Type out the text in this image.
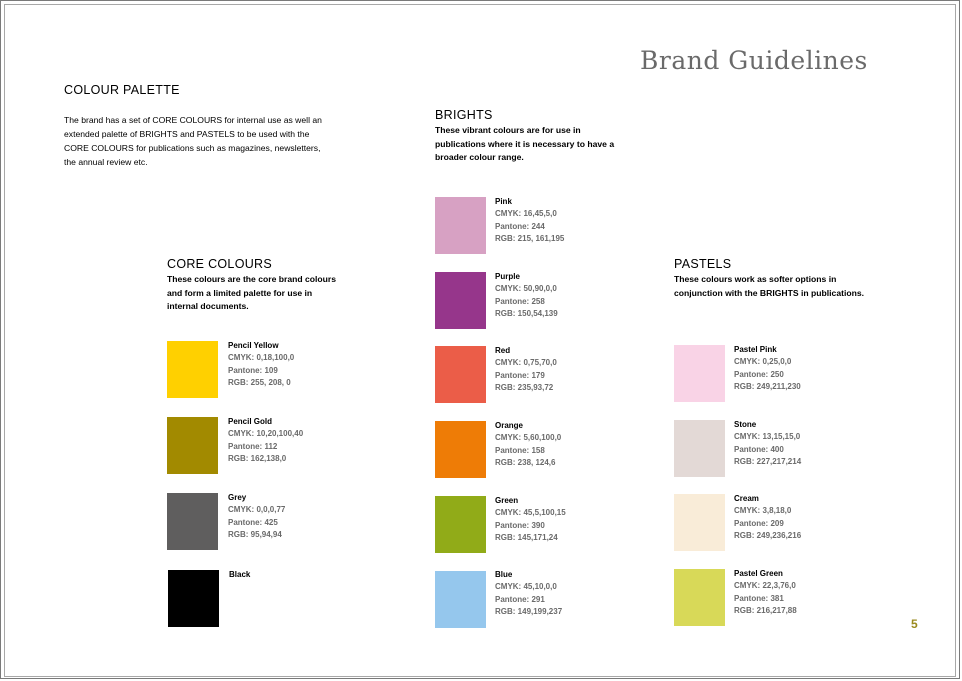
Brand Guidelines
COLOUR PALETTE
The brand has a set of CORE COLOURS for internal use as well an extended palette of BRIGHTS and PASTELS to be used with the CORE COLOURS for publications such as magazines, newsletters, the annual review etc.
BRIGHTS
These vibrant colours are for use in publications where it is necessary to have a broader colour range.
CORE COLOURS
These colours are the core brand colours and form a limited palette for use in internal documents.
PASTELS
These colours work as softer options in conjunction with the BRIGHTS in publications.
Pencil Yellow
CMYK: 0,18,100,0
Pantone: 109
RGB: 255, 208, 0
Pencil Gold
CMYK: 10,20,100,40
Pantone: 112
RGB: 162,138,0
Grey
CMYK: 0,0,0,77
Pantone: 425
RGB: 95,94,94
Black
Pink
CMYK: 16,45,5,0
Pantone: 244
RGB: 215, 161,195
Purple
CMYK: 50,90,0,0
Pantone: 258
RGB: 150,54,139
Red
CMYK: 0,75,70,0
Pantone: 179
RGB: 235,93,72
Orange
CMYK: 5,60,100,0
Pantone: 158
RGB: 238, 124,6
Green
CMYK: 45,5,100,15
Pantone: 390
RGB: 145,171,24
Blue
CMYK: 45,10,0,0
Pantone: 291
RGB: 149,199,237
Pastel Pink
CMYK: 0,25,0,0
Pantone: 250
RGB: 249,211,230
Stone
CMYK: 13,15,15,0
Pantone: 400
RGB: 227,217,214
Cream
CMYK: 3,8,18,0
Pantone: 209
RGB: 249,236,216
Pastel Green
CMYK: 22,3,76,0
Pantone: 381
RGB: 216,217,88
5
